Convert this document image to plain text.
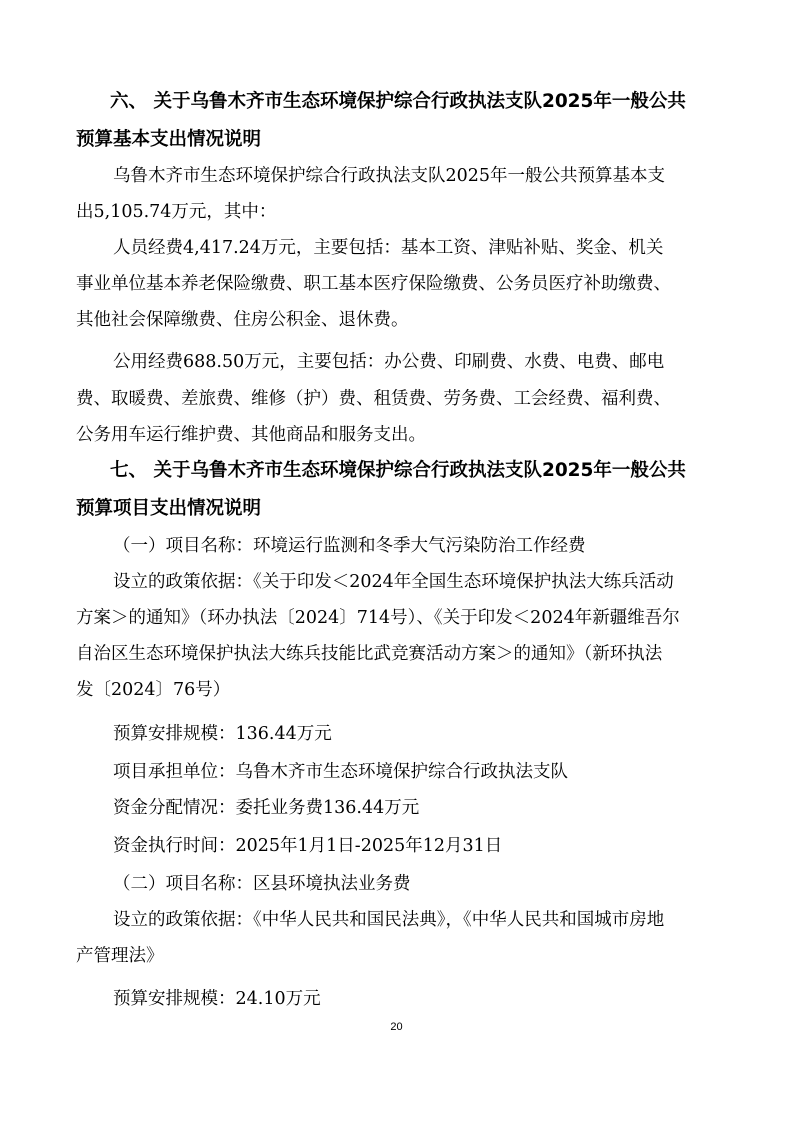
六、 关于乌鲁木齐市生态环境保护综合行政执法支队2025年一般公共
预算基本支出情况说明
乌鲁木齐市生态环境保护综合行政执法支队2025年一般公共预算基本支
出5,105.74万元，其中：
人员经费4,417.24万元，主要包括：基本工资、津贴补贴、奖金、机关
事业单位基本养老保险缴费、职工基本医疗保险缴费、公务员医疗补助缴费、
其他社会保障缴费、住房公积金、退休费。
公用经费688.50万元，主要包括：办公费、印刷费、水费、电费、邮电
费、取暖费、差旅费、维修（护）费、租赁费、劳务费、工会经费、福利费、
公务用车运行维护费、其他商品和服务支出。
七、 关于乌鲁木齐市生态环境保护综合行政执法支队2025年一般公共
预算项目支出情况说明
（一）项目名称：环境运行监测和冬季大气污染防治工作经费
设立的政策依据：《关于印发＜2024年全国生态环境保护执法大练兵活动
方案＞的通知》（环办执法〔2024〕714号）、《关于印发＜2024年新疆维吾尔
自治区生态环境保护执法大练兵技能比武竞赛活动方案＞的通知》（新环执法
发〔2024〕76号）
预算安排规模：136.44万元
项目承担单位：乌鲁木齐市生态环境保护综合行政执法支队
资金分配情况：委托业务费136.44万元
资金执行时间：2025年1月1日-2025年12月31日
（二）项目名称：区县环境执法业务费
设立的政策依据：《中华人民共和国民法典》，《中华人民共和国城市房地
产管理法》
预算安排规模：24.10万元
20
